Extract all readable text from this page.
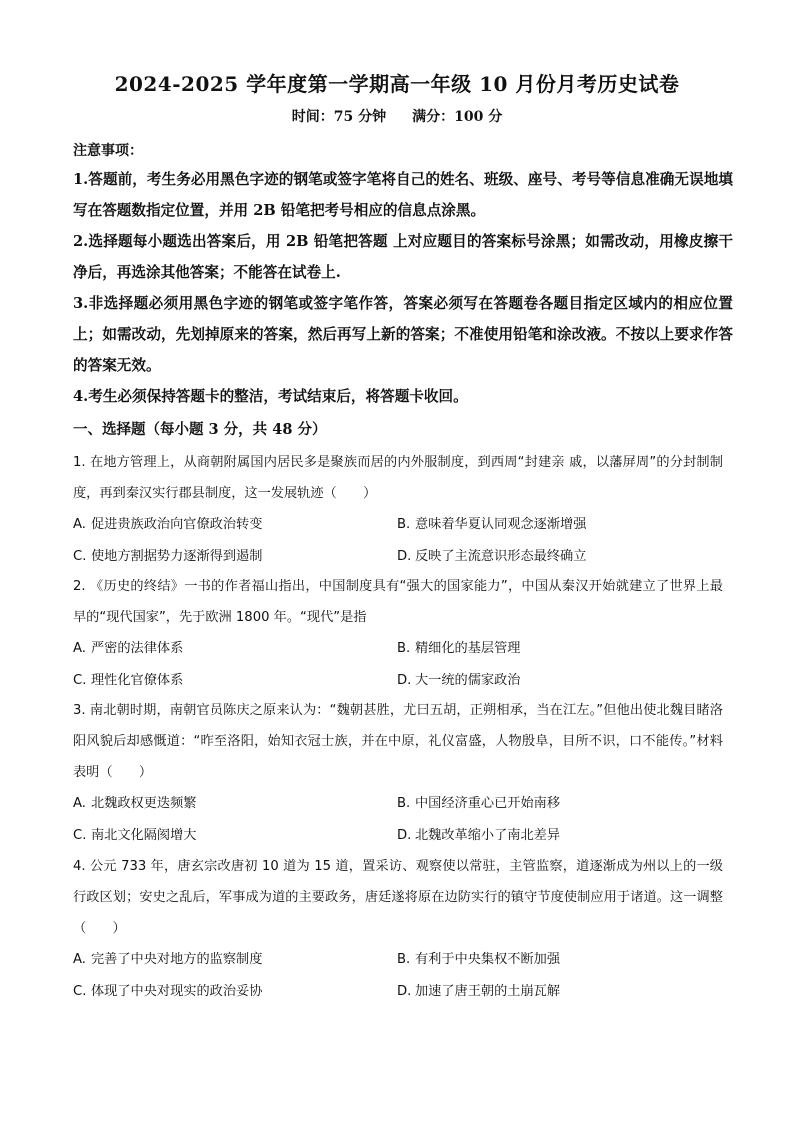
2024-2025 学年度第一学期高一年级 10 月份月考历史试卷
时间：75 分钟 满分：100 分
注意事项：
1.答题前，考生务必用黑色字迹的钢笔或签字笔将自己的姓名、班级、座号、考号等信息准确无误地填写在答题数指定位置，并用 2B 铅笔把考号相应的信息点涂黑。
2.选择题每小题选出答案后，用 2B 铅笔把答题 上对应题目的答案标号涂黑；如需改动，用橡皮擦干净后，再选涂其他答案；不能答在试卷上.
3.非选择题必须用黑色字迹的钢笔或签字笔作答，答案必须写在答题卷各题目指定区域内的相应位置上；如需改动，先划掉原来的答案，然后再写上新的答案；不准使用铅笔和涂改液。不按以上要求作答的答案无效。
4.考生必须保持答题卡的整洁，考试结束后，将答题卡收回。
一、选择题（每小题 3 分，共 48 分）
1. 在地方管理上，从商朝附属国内居民多是聚族而居的内外服制度，到西周“封建亲 戚，以藩屏周”的分封制制度，再到秦汉实行郡县制度，这一发展轨迹（　　）
A. 促进贵族政治向官僚政治转变	B. 意味着华夏认同观念逐渐增强
C. 使地方割据势力逐渐得到遏制	D. 反映了主流意识形态最终确立
2. 《历史的终结》一书的作者福山指出，中国制度具有“强大的国家能力”，中国从秦汉开始就建立了世界上最早的“现代国家”，先于欧洲 1800 年。“现代”是指
A. 严密的法律体系	B. 精细化的基层管理
C. 理性化官僚体系	D. 大一统的儒家政治
3. 南北朝时期，南朝官员陈庆之原来认为：“魏朝甚胜，尤曰五胡，正朔相承，当在江左。”但他出使北魏目睹洛阳风貌后却感慨道：“昨至洛阳，始知衣冠士族，并在中原，礼仪富盛，人物殷阜，目所不识，口不能传。”材料表明（　　）
A. 北魏政权更迭频繁	B. 中国经济重心已开始南移
C. 南北文化隔阂增大	D. 北魏改革缩小了南北差异
4. 公元 733 年，唐玄宗改唐初 10 道为 15 道，置采访、观察使以常驻，主管监察，道逐渐成为州以上的一级行政区划；安史之乱后，军事成为道的主要政务，唐廷遂将原在边防实行的镇守节度使制应用于诸道。这一调整（　　）
A. 完善了中央对地方的监察制度	B. 有利于中央集权不断加强
C. 体现了中央对现实的政治妥协	D. 加速了唐王朝的土崩瓦解
